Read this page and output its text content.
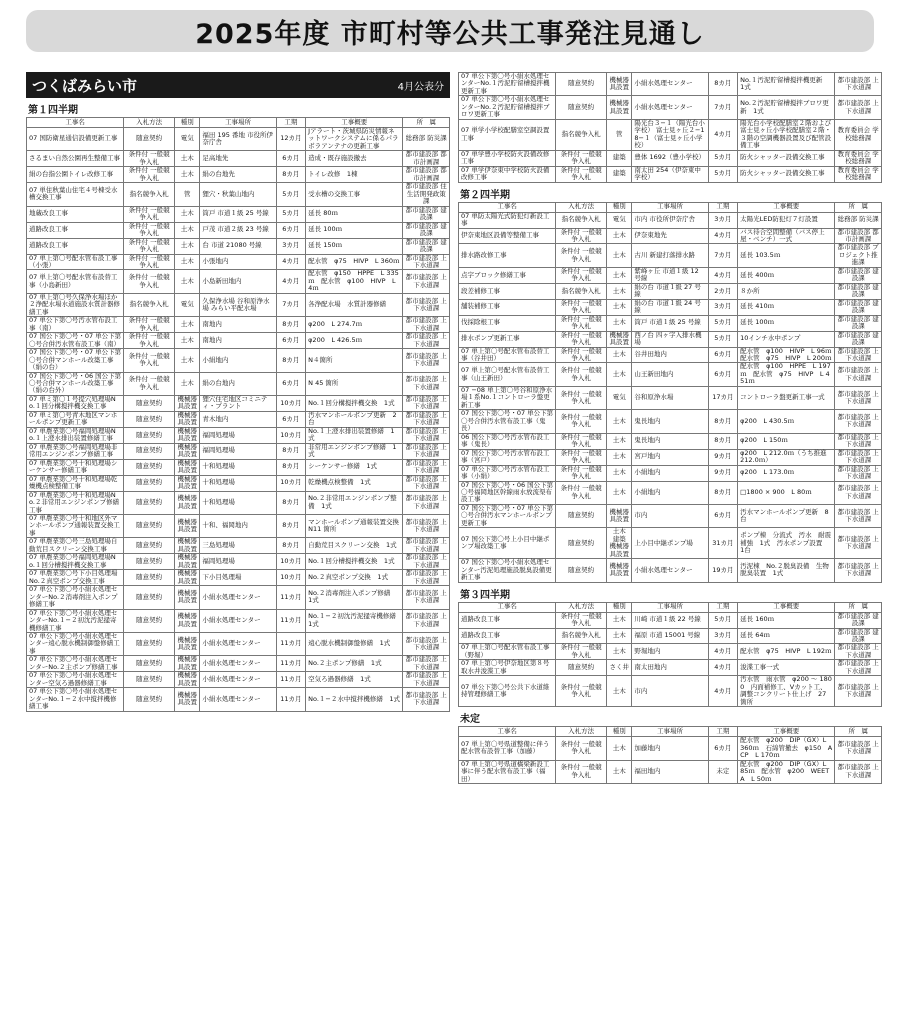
2025年度 市町村等公共工事発注見通し
つくばみらい市	4月公表分
第１四半期
工事名	入札方法	種別	工事場所	工期	工事概要	所　属
07 国防衛星通信設備更新工事	随意契約	電気	福田 195 番地 市役所伊奈庁舎	12カ月	Jアラート・茨城県防災情報ネットワークシステムに係るパラボラアンテナの更新工事	総務部 防災課
さるまい自然公園再生整備工事	条件付 一般競争入札	土木	足高地先	6カ月	造成・既存施設撤去	都市建設部 都市計画課
絹の台指公園トイレ改修工事	条件付 一般競争入札	土木	絹の台地先	8カ月	トイレ改修　1棟	都市建設部 都市計画課
07 単住秋葉山住宅４号棟受水槽交換工事	指名競争入札	管	狸穴・秋葉山地内	5カ月	受水槽の交換工事	都市建設部 住生活開発政策課
地蔵改良工事	条件付 一般競争入札	土木	筒戸 市道１級 25 号線	5カ月	延長 80ｍ	都市建設部 建設課
道路改良工事	条件付 一般競争入札	土木	戸茂 市道２級 23 号線	6カ月	延長 100ｍ	都市建設部 建設課
道路改良工事	条件付 一般競争入札	土木	台 市道 21080 号線	3カ月	延長 150ｍ	都市建設部 建設課
07 単上第〇号配水管布設工事（小張）	条件付 一般競争入札	土木	小張地内	4カ月	配水管　φ75　HIVP　L 360ｍ	都市建設部 上下水道課
07 単上第〇号配水管布設替工事（小島新田）	条件付 一般競争入札	土木	小島新田地内	4カ月	配水管　φ150　HPPE　L 335ｍ　配水管　φ100　HIVP　L 4ｍ	都市建設部 上下水道課
07 単上第〇号久保浄水場ほか２浄配水場水道施設水質計器修繕工事	指名競争入札	電気	久保浄水場 谷和原浄水場 みらい平配水場	7カ月	各浄配水場　水質計器修繕	都市建設部 上下水道課
07 単公下第〇号汚水管布設工事（南）	条件付 一般競争入札	土木	南地内	8カ月	φ200　L 274.7ｍ	都市建設部 上下水道課
07 国公下第〇号・07 単公下第〇号合併汚水管布設工事（南）	条件付 一般競争入札	土木	南地内	6カ月	φ200　L 426.5ｍ	都市建設部 上下水道課
07 国公下第〇号・07 単公下第〇号合併マンホール改築工事（絹の台）	条件付 一般競争入札	土木	小絹地内	8カ月	N４箇所	都市建設部 上下水道課
07 国公下第〇号・06 国公下第〇号合併マンホール改築工事（絹の台外）	条件付 一般競争入札	土木	絹の台地内	6カ月	N 45 箇所	都市建設部 上下水道課
07 単ミ第〇１号提穴処理場No.１回分構撹拌機交換工事	随意契約	機械器具設置	狸穴住宅地区コミニティ・プラント	10カ月	No.１回分構撹拌機交換　1式	都市建設部 上下水道課
07 単ミ第〇号青木地区マンホールポンプ更新工事	随意契約	機械器具設置	青木地内	6カ月	汚水マンホールポンプ更新　2台	都市建設部 上下水道課
07 単農業第〇号福岡処理場No.１上澄水排出装置修繕工事	随意契約	機械器具設置	福岡処理場	10カ月	No.１上澄水排出装置修繕　1式	都市建設部 上下水道課
07 単農業第〇号福岡処理場非常用エンジンポンプ修繕工事	随意契約	機械器具設置	福岡処理場	8カ月	非常用エンジンポンプ修繕　1式	都市建設部 上下水道課
07 単農業第〇号十和処理場シーケンサー修繕工事	随意契約	機械器具設置	十和処理場	8カ月	シーケンサー修繕　1式	都市建設部 上下水道課
07 単農業第〇号十和処理場乾燥機点検整備工事	随意契約	機械器具設置	十和処理場	10カ月	乾燥機点検整備　1式	都市建設部 上下水道課
07 単農業第〇号十和処理場No.２非常用エンジンポンプ修繕工事	随意契約	機械器具設置	十和処理場	8カ月	No.２非常用エンジンポンプ整備　1式	都市建設部 上下水道課
07 単農業第〇号十和地区外マンホールポンプ通報装置交換工事	随意契約	機械器具設置	十和、福岡地内	8カ月	マンホールポンプ通報装置交換　N11 箇所	都市建設部 上下水道課
07 単農業第〇号三島処理場自動荒目スクリーン交換工事	随意契約	機械器具設置	三島処理場	8カ月	自動荒目スクリーン交換　1式	都市建設部 上下水道課
07 単農業第〇号福岡処理場No.１回分槽撹拌機交換工事	随意契約	機械器具設置	福岡処理場	10カ月	No.１回分槽撹拌機交換　1式	都市建設部 上下水道課
07 単農業第〇号下小目処理場No.２真空ポンプ交換工事	随意契約	機械器具設置	下小目処理場	10カ月	No.２真空ポンプ交換　1式	都市建設部 上下水道課
07 単公下第〇号小絹水処理センターNo.２消毒剤注入ポンプ修繕工事	随意契約	機械器具設置	小絹水処理センター	11カ月	No.２消毒剤注入ポンプ修繕　1式	都市建設部 上下水道課
07 単公下第〇号小絹水処理センターNo.１−２初沈汚泥掻寄機修繕工事	随意契約	機械器具設置	小絹水処理センター	11カ月	No.１−２初沈汚泥掻寄機修繕　1式	都市建設部 上下水道課
07 単公下第〇号小絹水処理センター遠心脱水機制御盤修繕工事	随意契約	機械器具設置	小絹水処理センター	11カ月	遠心脱水機制御盤修繕　1式	都市建設部 上下水道課
07 単公下第〇号小絹水処理センターNo.２主ポンプ修繕工事	随意契約	機械器具設置	小絹水処理センター	11カ月	No.２主ポンプ修繕　1式	都市建設部 上下水道課
07 単公下第〇号小絹水処理センター空気ろ過器修繕工事	随意契約	機械器具設置	小絹水処理センター	11カ月	空気ろ過器修繕　1式	都市建設部 上下水道課
07 単公下第〇号小絹水処理センターNo.１−２水中撹拌機修繕工事	随意契約	機械器具設置	小絹水処理センター	11カ月	No.１−２水中撹拌機修繕　1式	都市建設部 上下水道課
07 単公下第〇号小絹水処理センターNo.１汚泥貯留槽撹拌機更新工事	随意契約	機械器具設置	小絹水処理センター	8カ月	No.１汚泥貯留槽撹拌機更新　1式	都市建設部 上下水道課
07 単公下第〇号小絹水処理センターNo.２汚泥貯留槽撹拌ブロワ更新工事	随意契約	機械器具設置	小絹水処理センター	7カ月	No.２汚泥貯留槽撹拌ブロワ更新　1式	都市建設部 上下水道課
07 単学小学校配膳室空調設置工事	指名競争入札	管	陽光台３−１（陽光台小学校） 富士見ヶ丘２−18−１（富士見ヶ丘小学校）	4カ月	陽光台小学校配膳室２階および富士見ヶ丘小学校配膳室２階・３階の空調機器設置及び配管設備工事	教育委員会 学校総務課
07 単学豊小学校防火設備改修工事	条件付 一般競争入札	建築	豊体 1692（豊小学校）	5カ月	防火シャッター設備交換工事	教育委員会 学校総務課
07 単学伊奈東中学校防火設備改修工事	条件付 一般競争入札	建築	南太田 254（伊奈東中学校）	5カ月	防火シャッター設備交換工事	教育委員会 学校総務課
第２四半期
工事名	入札方法	種別	工事場所	工期	工事概要	所　属
07 単防太陽光式防犯灯新設工事	指名競争入札	電気	市内 市役所伊奈庁舎	3カ月	太陽光LED防犯灯７灯設置	総務部 防災課
伊奈東地区設備等整備工事	条件付 一般競争入札	土木	伊奈東地先	4カ月	バス待合空間整備（バス停上屋・ベンチ）一式	都市建設部 都市計画課
排水路改修工事	条件付 一般競争入札	土木	古川 新建打落排水路	7カ月	延長 103.5ｍ	都市建設部 プロジェクト推進課
点字ブロック修繕工事	条件付 一般競争入札	土木	紫峰ヶ丘 市道１級 12 号線	4カ月	延長 400ｍ	都市建設部 建設課
段差補修工事	指名競争入札	土木	絹の台 市道１級 27 号線	2カ月	８か所	都市建設部 建設課
舗装補修工事	条件付 一般競争入札	土木	絹の台 市道１級 24 号線	3カ月	延長 410ｍ	都市建設部 建設課
伐採除根工事	条件付 一般競争入札	土木	筒戸 市道１級 25 号線	5カ月	延長 100ｍ	都市建設部 建設課
排水ポンプ更新工事	条件付 一般競争入札	機械器具設置	西ノ台 四ヶ字入排水機場	5カ月	10インチ水中ポンプ	都市建設部 建設課
07 単上第〇号配水管布設替工事（谷井田）	条件付 一般競争入札	土木	谷井田地内	6カ月	配水管　φ100　HIVP　L 96ｍ　配水管　φ75　HIVP　L 200ｍ	都市建設部 上下水道課
07 単上第〇号配水管布設替工事（山王新田）	条件付 一般競争入札	土木	山王新田地内	6カ月	配水管　φ100　HPPE　L 197ｍ　配水管　φ75　HIVP　L 451ｍ	都市建設部 上下水道課
07 −08 単上第〇号谷和原浄水場１系No.１コントローラ盤更新工事	条件付 一般競争入札	電気	谷和原浄水場	17カ月	コントローラ盤更新工事一式	都市建設部 上下水道課
07 国公下第〇号・07 単公下第〇号合併汚水管布設工事（鬼長）	条件付 一般競争入札	土木	鬼長地内	8カ月	φ200　L 430.5ｍ	都市建設部 上下水道課
06 国公下第〇号汚水管布設工事（鬼長）	条件付 一般競争入札	土木	鬼長地内	8カ月	φ200　L 150ｍ	都市建設部 上下水道課
07 国公下第〇号汚水管布設工事（宮戸）	条件付 一般競争入札	土木	宮戸地内	9カ月	φ200　L 212.0ｍ（うち推進 212.0ｍ）	都市建設部 上下水道課
07 単公下第〇号汚水管布設工事（小絹）	条件付 一般競争入札	土木	小絹地内	9カ月	φ200　L 173.0ｍ	都市建設部 上下水道課
07 国公下第〇号・06 国公下第〇号福岡地区幹線雨水放流渠布設工事	条件付 一般競争入札	土木	小絹地内	8カ月	□1800 × 900　L 80ｍ	都市建設部 上下水道課
07 国公下第〇号・07 単公下第〇号合併汚水マンホールポンプ更新工事	随意契約	機械器具設置	市内	6カ月	汚水マンホールポンプ更新　8台	都市建設部 上下水道課
07 国公下第〇号上小目中継ポンプ場改築工事	随意契約	土木 建築 機械器具設置	上小目中継ポンプ場	31カ月	ポンプ棟　分流式　汚水　耐震補強　1式　汚水ポンプ設置　1台	都市建設部 上下水道課
07 国公下第〇号小絹水処理センター汚泥処理施設脱臭設備更新工事	随意契約	機械器具設置	小絹水処理センター	19カ月	汚泥棟　No.２脱臭設備　生物脱臭装置　1式	都市建設部 上下水道課
第３四半期
工事名	入札方法	種別	工事場所	工期	工事概要	所　属
道路改良工事	条件付 一般競争入札	土木	川崎 市道１級 22 号線	5カ月	延長 160ｍ	都市建設部 建設課
道路改良工事	指名競争入札	土木	福原 市道 15001 号線	3カ月	延長 64ｍ	都市建設部 建設課
07 単上第〇号配水管布設工事（野堀）	条件付 一般競争入札	土木	野堀地内	4カ月	配水管　φ75　HIVP　L 192ｍ	都市建設部 上下水道課
07 単上第〇号伊奈地区第８号取水井浚渫工事	随意契約	さく井	南太田地内	4カ月	浚渫工事一式	都市建設部 上下水道課
07 単公下第〇号公共下水道維持管理修繕工事	条件付 一般競争入札	土木	市内	4カ月	汚水管　雨水管　φ200 〜 1800　内面補修工、Vカット工、調整コンクリート仕上げ　27 箇所	都市建設部 上下水道課
未定
工事名	入札方法	種別	工事場所	工期	工事概要	所　属
07 単上第〇号県道整備に伴う配水管布設替工事（加藤）	条件付 一般競争入札	土木	加藤地内	6カ月	配水管　φ200　DIP（GX）L 360ｍ　石綿管撤去　φ150　ACP　L 170ｍ	都市建設部 上下水道課
07 単上第〇号県道橋梁新設工事に伴う配水管布設工事（福田）	条件付 一般競争入札	土木	福田地内	未定	配水管　φ200　DIP（GX）L 85ｍ　配水管　φ200　WEETA　L 50ｍ	都市建設部 上下水道課
